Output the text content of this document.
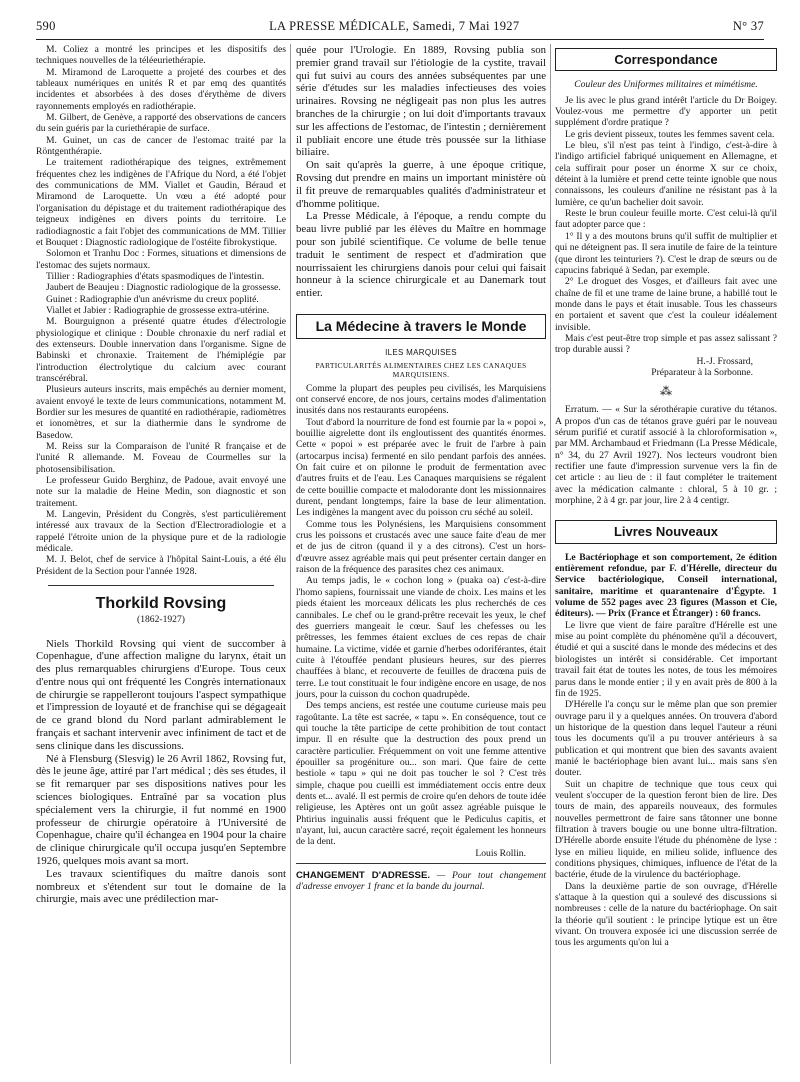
590	LA PRESSE MÉDICALE, Samedi, 7 Mai 1927	N° 37

M. Coliez a montré les principes et les dispositifs des techniques nouvelles de la téléeuriethérapie.

M. Miramond de Laroquette a projeté des courbes et des tableaux numériques en unités R et par emq des quantités incidentes et absorbées à des doses d'érythème de divers rayonnements employés en radiothérapie.

M. Gilbert, de Genève, a rapporté des observations de cancers du sein guéris par la curiethérapie de surface.

M. Guinet, un cas de cancer de l'estomac traité par la Röntgenthérapie.

Le traitement radiothérapique des teignes, extrêmement fréquentes chez les indigènes de l'Afrique du Nord, a été l'objet des communications de MM. Viallet et Gaudin, Béraud et Miramond de Laroquette. Un vœu a été adopté pour l'organisation du dépistage et du traitement radiothérapique des teigneux indigènes en divers points du territoire. Le radiodiagnostic a fait l'objet des communications de MM. Tillier et Bouquet : Diagnostic radiologique de l'ostéite fibrokystique.

Solomon et Tranhu Doc : Formes, situations et dimensions de l'estomac des sujets normaux.

Tillier : Radiographies d'états spasmodiques de l'intestin.

Jaubert de Beaujeu : Diagnostic radiologique de la grossesse.

Guinet : Radiographie d'un anévrisme du creux poplité.

Viallet et Jabier : Radiographie de grossesse extra-utérine.

M. Bourguignon a présenté quatre études d'électrologie physiologique et clinique : Double chronaxie du nerf radial et des extenseurs. Double innervation dans l'organisme. Signe de Babinski et chronaxie. Traitement de l'hémiplégie par l'introduction électrolytique du calcium avec courant transcérébral.

Plusieurs auteurs inscrits, mais empêchés au dernier moment, avaient envoyé le texte de leurs communications, notamment M. Bordier sur les mesures de quantité en radiothérapie, radiomètres et ionomètres, et sur la diathermie dans le syndrome de Basedow.

M. Reiss sur la Comparaison de l'unité R française et de l'unité R allemande. M. Foveau de Courmelles sur la photosensibilisation.

Le professeur Guido Berghinz, de Padoue, avait envoyé une note sur la maladie de Heine Medin, son diagnostic et son traitement.

M. Langevin, Président du Congrès, s'est particulièrement intéressé aux travaux de la Section d'Electroradiologie et a rappelé l'étroite union de la physique pure et de la radiologie médicale.

M. J. Belot, chef de service à l'hôpital Saint-Louis, a été élu Président de la Section pour l'année 1928.

Thorkild Rovsing
(1862-1927)

Niels Thorkild Rovsing qui vient de succomber à Copenhague, d'une affection maligne du larynx, était un des plus remarquables chirurgiens d'Europe. Tous ceux d'entre nous qui ont fréquenté les Congrès internationaux de chirurgie se rappelleront toujours l'aspect sympathique et l'impression de loyauté et de franchise qui se dégageait de ce grand blond du Nord parlant admirablement le français et sachant intervenir avec infiniment de tact et de sens clinique dans les discussions.

Né à Flensburg (Slesvig) le 26 Avril 1862, Rovsing fut, dès le jeune âge, attiré par l'art médical ; dès ses études, il se fit remarquer par ses dispositions natives pour les sciences biologiques. Entraîné par sa vocation plus spécialement vers la chirurgie, il fut nommé en 1900 professeur de chirurgie opératoire à l'Université de Copenhague, chaire qu'il échangea en 1904 pour la chaire de clinique chirurgicale qu'il occupa jusqu'en Septembre 1926, quelques mois avant sa mort.

Les travaux scientifiques du maître danois sont nombreux et s'étendent sur tout le domaine de la chirurgie, mais avec une prédilection mar-

quée pour l'Urologie. En 1889, Rovsing publia son premier grand travail sur l'étiologie de la cystite, travail qui fut suivi au cours des années subséquentes par une série d'études sur les maladies infectieuses des voies urinaires. Rovsing ne négligeait pas non plus les autres branches de la chirurgie ; on lui doit d'importants travaux sur les affections de l'estomac, de l'intestin ; dernièrement il publiait encore une étude très poussée sur la lithiase biliaire.

On sait qu'après la guerre, à une époque critique, Rovsing dut prendre en mains un important ministère où il fit preuve de remarquables qualités d'administrateur et d'homme politique.

La Presse Médicale, à l'époque, a rendu compte du beau livre publié par les élèves du Maître en hommage pour son jubilé scientifique. Ce volume de belle tenue traduit le sentiment de respect et d'admiration que nourrissaient les chirurgiens danois pour celui qui faisait honneur à la science chirurgicale et au Danemark tout entier.

La Médecine à travers le Monde
ILES MARQUISES
PARTICULARITÉS ALIMENTAIRES CHEZ LES CANAQUES MARQUISIENS.

Comme la plupart des peuples peu civilisés, les Marquisiens ont conservé encore, de nos jours, certains modes d'alimentation inusités dans nos restaurants européens.

Tout d'abord la nourriture de fond est fournie par la « popoi », bouillie aigrelette dont ils engloutissent des quantités énormes. Cette « popoi » est préparée avec le fruit de l'arbre à pain (artocarpus incisa) fermenté en silo pendant parfois des années. On fait cuire et on pilonne le produit de fermentation avec d'autres fruits et de l'eau. Les Canaques marquisiens se régalent de cette bouillie compacte et malodorante dont les missionnaires durent, pendant longtemps, faire la base de leur alimentation. Les indigènes la mangent avec du poisson cru séché au soleil.

Comme tous les Polynésiens, les Marquisiens consomment crus les poissons et crustacés avec une sauce faite d'eau de mer et de jus de citron (quand il y a des citrons). C'est un hors-d'œuvre assez agréable mais qui peut présenter certain danger en raison de la fréquence des parasites chez ces animaux.

Au temps jadis, le « cochon long » (puaka oa) c'est-à-dire l'homo sapiens, fournissait une viande de choix. Les mains et les pieds étaient les morceaux délicats les plus recherchés de ces cannibales. Le chef ou le grand-prêtre recevait les yeux, le chef des guerriers mangeait le cœur. Sauf les chefesses ou les prêtresses, les femmes étaient exclues de ces repas de chair humaine. La victime, vidée et garnie d'herbes odoriférantes, était cuite à l'étouffée pendant plusieurs heures, sur des pierres chauffées à blanc, et recouverte de feuilles de dracœna puis de terre. Le tout constituait le four indigène encore en usage, de nos jours, pour la cuisson du cochon quadrupède.

Des temps anciens, est restée une coutume curieuse mais peu ragoûtante. La tête est sacrée, « tapu ». En conséquence, tout ce qui touche la tête participe de cette prohibition de tout contact impur. Il en résulte que la destruction des poux prend un caractère particulier. Fréquemment on voit une femme attentive épouiller sa progéniture ou... son mari. Que faire de cette bestiole « tapu » qui ne doit pas toucher le sol ? C'est très simple, chaque pou cueilli est immédiatement occis entre deux dents et... avalé. Il est permis de croire qu'en dehors de toute idée religieuse, les Aptères ont un goût assez agréable puisque le Phtirius inguinalis aussi fréquent que le Pediculus capitis, et n'ayant, lui, aucun caractère sacré, reçoit également les honneurs de la dent.

Louis Rollin.
CHANGEMENT D'ADRESSE. — Pour tout changement d'adresse envoyer 1 franc et la bande du journal.
Correspondance
Couleur des Uniformes militaires et mimétisme.

Je lis avec le plus grand intérêt l'article du Dr Boigey. Voulez-vous me permettre d'y apporter un petit supplément d'ordre pratique ?

Le gris devient pisseux, toutes les femmes savent cela.

Le bleu, s'il n'est pas teint à l'indigo, c'est-à-dire à l'indigo artificiel fabriqué uniquement en Allemagne, et cela suffirait pour poser un énorme X sur ce choix, déteint à la lumière et prend cette teinte ignoble que nous connaissons, les couleurs d'aniline ne résistant pas à la lumière, ce qu'un bachelier doit savoir.

Reste le brun couleur feuille morte. C'est celui-là qu'il faut adopter parce que :

1° Il y a des moutons bruns qu'il suffit de multiplier et qui ne déteignent pas. Il sera inutile de faire de la teinture (que diront les teinturiers ?). C'est le drap de sœurs ou de capucins fabriqué à Sedan, par exemple.

2° Le droguet des Vosges, et d'ailleurs fait avec une chaîne de fil et une trame de laine brune, a habillé tout le monde dans le pays et était inusable. Tous les chasseurs en portaient et savent que c'est la couleur idéalement invisible.

Mais c'est peut-être trop simple et pas assez salissant ? trop durable aussi ?

H.-J. Frossard,
Préparateur à la Sorbonne.
⁂

Erratum. — « Sur la sérothérapie curative du tétanos. A propos d'un cas de tétanos grave guéri par le nouveau sérum purifié et curatif associé à la chloroformisation », par MM. Archambaud et Friedmann (La Presse Médicale, n° 34, du 27 Avril 1927). Nos lecteurs voudront bien rectifier une faute d'impression survenue vers la fin de cet article : au lieu de : il faut compléter le traitement avec la médication calmante : chloral, 5 à 10 gr. ; morphine, 2 à 4 gr. par jour, lire 2 à 4 centigr.

Livres Nouveaux

Le Bactériophage et son comportement, 2e édition entièrement refondue, par F. d'Hérelle, directeur du Service bactériologique, Conseil international, sanitaire, maritime et quarantenaire d'Égypte. 1 volume de 552 pages avec 23 figures (Masson et Cie, éditeurs). — Prix (France et Étranger) : 60 francs.

Le livre que vient de faire paraître d'Hérelle est une mise au point complète du phénomène qu'il a découvert, étudié et qui a suscité dans le monde des médecins et des biologistes un intérêt si considérable. Cet important travail fait état de toutes les notes, de tous les mémoires parus dans le monde entier ; il y en avait près de 800 à la fin de 1925.

D'Hérelle l'a conçu sur le même plan que son premier ouvrage paru il y a quelques années. On trouvera d'abord un historique de la question dans lequel l'auteur a réuni tous les documents qu'il a pu trouver antérieurs à sa publication et qui montrent que bien des savants avaient manié le bactériophage bien avant lui... mais sans s'en douter.

Suit un chapitre de technique que tous ceux qui veulent s'occuper de la question feront bien de lire. Des tours de main, des appareils nouveaux, des formules nouvelles permettront de faire sans tâtonner une bonne filtration à travers bougie ou une bonne ultra-filtration. D'Hérelle aborde ensuite l'étude du phénomène de lyse : lyse en milieu liquide, en milieu solide, influence des conditions physiques, chimiques, influence de l'état de la bactérie, étude de la virulence du bactériophage.

Dans la deuxième partie de son ouvrage, d'Hérelle s'attaque à la question qui a soulevé des discussions si nombreuses : celle de la nature du bactériophage. On sait la théorie qu'il soutient : le principe lytique est un être vivant. On trouvera exposée ici une discussion serrée de tous les arguments qu'on lui a
